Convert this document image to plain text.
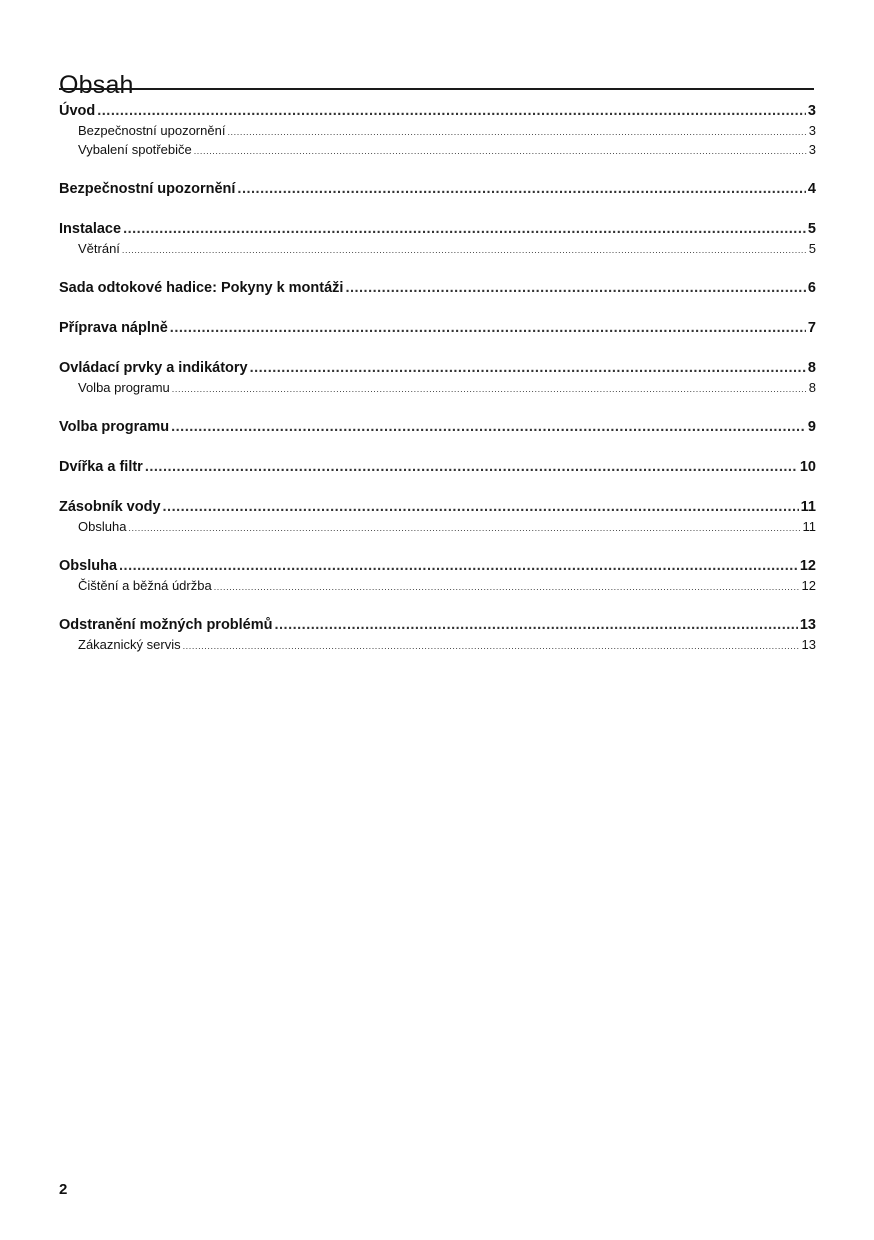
Obsah
Úvod .....	3
Bezpečnostní upozornění .....	3
Vybalení spotřebiče .....	3
Bezpečnostní upozornění .....	4
Instalace .....	5
Větrání .....	5
Sada odtokové hadice: Pokyny k montáži .....	6
Příprava náplně .....	7
Ovládací prvky a indikátory .....	8
Volba programu .....	8
Volba programu .....	9
Dvířka a filtr .....	10
Zásobník vody .....	11
Obsluha .....	11
Obsluha .....	12
Čištění a běžná údržba .....	12
Odstranění možných problémů .....	13
Zákaznický servis .....	13
2
